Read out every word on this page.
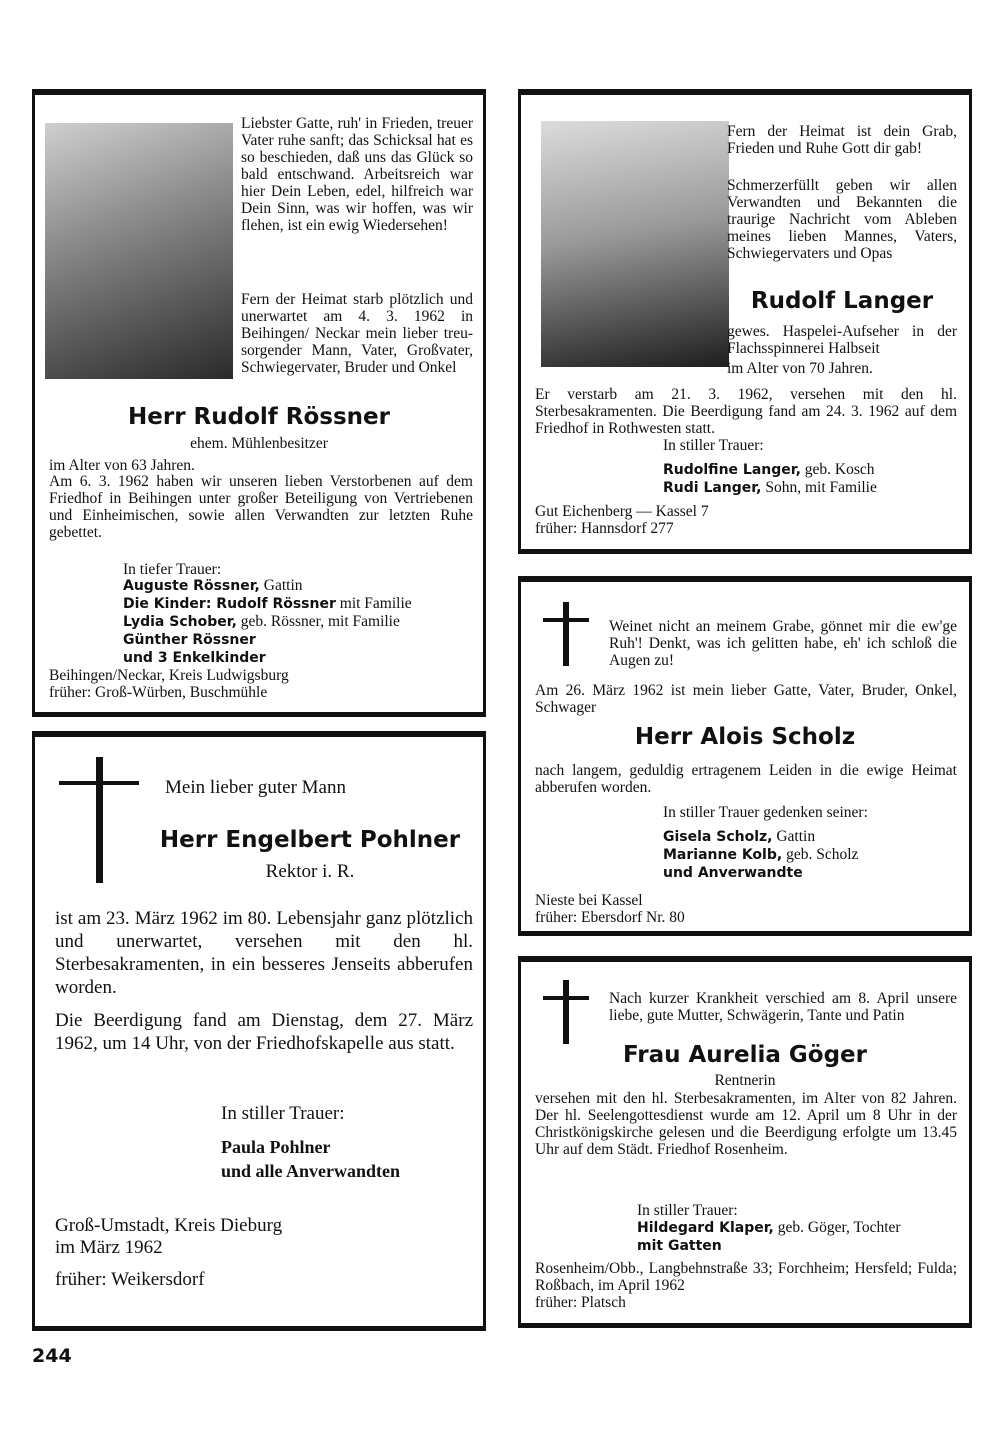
Liebster Gatte, ruh' in Frieden, treuer Vater ruhe sanft; das Schicksal hat es so beschieden, daß uns das Glück so bald entschwand. Arbeitsreich war hier Dein Leben, edel, hilfreich war Dein Sinn, was wir hoffen, was wir flehen, ist ein ewig Wiedersehen!

Fern der Heimat starb plötzlich und unerwartet am 4. 3. 1962 in Beihingen/ Neckar mein lieber treu-sorgender Mann, Vater, Großvater, Schwiegervater, Bruder und Onkel

Herr Rudolf Rössner
ehem. Mühlenbesitzer

im Alter von 63 Jahren.

Am 6. 3. 1962 haben wir unseren lieben Verstorbenen auf dem Friedhof in Beihingen unter großer Beteiligung von Vertriebenen und Einheimischen, sowie allen Verwandten zur letzten Ruhe gebettet.

In tiefer Trauer:

Auguste Rössner, Gattin
Die Kinder: Rudolf Rössner mit Familie
Lydia Schober, geb. Rössner, mit Familie
Günther Rössner
und 3 Enkelkinder

Beihingen/Neckar, Kreis Ludwigsburg

früher: Groß-Würben, Buschmühle

Fern der Heimat ist dein Grab, Frieden und Ruhe Gott dir gab!

Schmerzerfüllt geben wir allen Verwandten und Bekannten die traurige Nachricht vom Ableben meines lieben Mannes, Vaters, Schwiegervaters und Opas

Rudolf Langer

gewes. Haspelei-Aufseher in der Flachsspinnerei Halbseit

im Alter von 70 Jahren.

Er verstarb am 21. 3. 1962, versehen mit den hl. Sterbesakramenten. Die Beerdigung fand am 24. 3. 1962 auf dem Friedhof in Rothwesten statt.

In stiller Trauer:

Rudolfine Langer, geb. Kosch
Rudi Langer, Sohn, mit Familie

Gut Eichenberg — Kassel 7

früher: Hannsdorf 277

Weinet nicht an meinem Grabe, gönnet mir die ew'ge Ruh'! Denkt, was ich gelitten habe, eh' ich schloß die Augen zu!

Am 26. März 1962 ist mein lieber Gatte, Vater, Bruder, Onkel, Schwager

Herr Alois Scholz

nach langem, geduldig ertragenem Leiden in die ewige Heimat abberufen worden.

In stiller Trauer gedenken seiner:

Gisela Scholz, Gattin
Marianne Kolb, geb. Scholz
und Anverwandte

Nieste bei Kassel

früher: Ebersdorf Nr. 80

Mein lieber guter Mann

Herr Engelbert Pohlner

Rektor i. R.

ist am 23. März 1962 im 80. Lebensjahr ganz plötzlich und unerwartet, versehen mit den hl. Sterbesakramenten, in ein besseres Jenseits abberufen worden.

Die Beerdigung fand am Dienstag, dem 27. März 1962, um 14 Uhr, von der Friedhofskapelle aus statt.

In stiller Trauer:

Paula Pohlner

und alle Anverwandten

Groß-Umstadt, Kreis Dieburg

im März 1962

früher: Weikersdorf

Nach kurzer Krankheit verschied am 8. April unsere liebe, gute Mutter, Schwägerin, Tante und Patin

Frau Aurelia Göger

Rentnerin

versehen mit den hl. Sterbesakramenten, im Alter von 82 Jahren. Der hl. Seelengottesdienst wurde am 12. April um 8 Uhr in der Christkönigskirche gelesen und die Beerdigung erfolgte um 13.45 Uhr auf dem Städt. Friedhof Rosenheim.

In stiller Trauer:

Hildegard Klaper, geb. Göger, Tochter
mit Gatten

Rosenheim/Obb., Langbehnstraße 33; Forchheim; Hersfeld; Fulda; Roßbach, im April 1962

früher: Platsch

244
